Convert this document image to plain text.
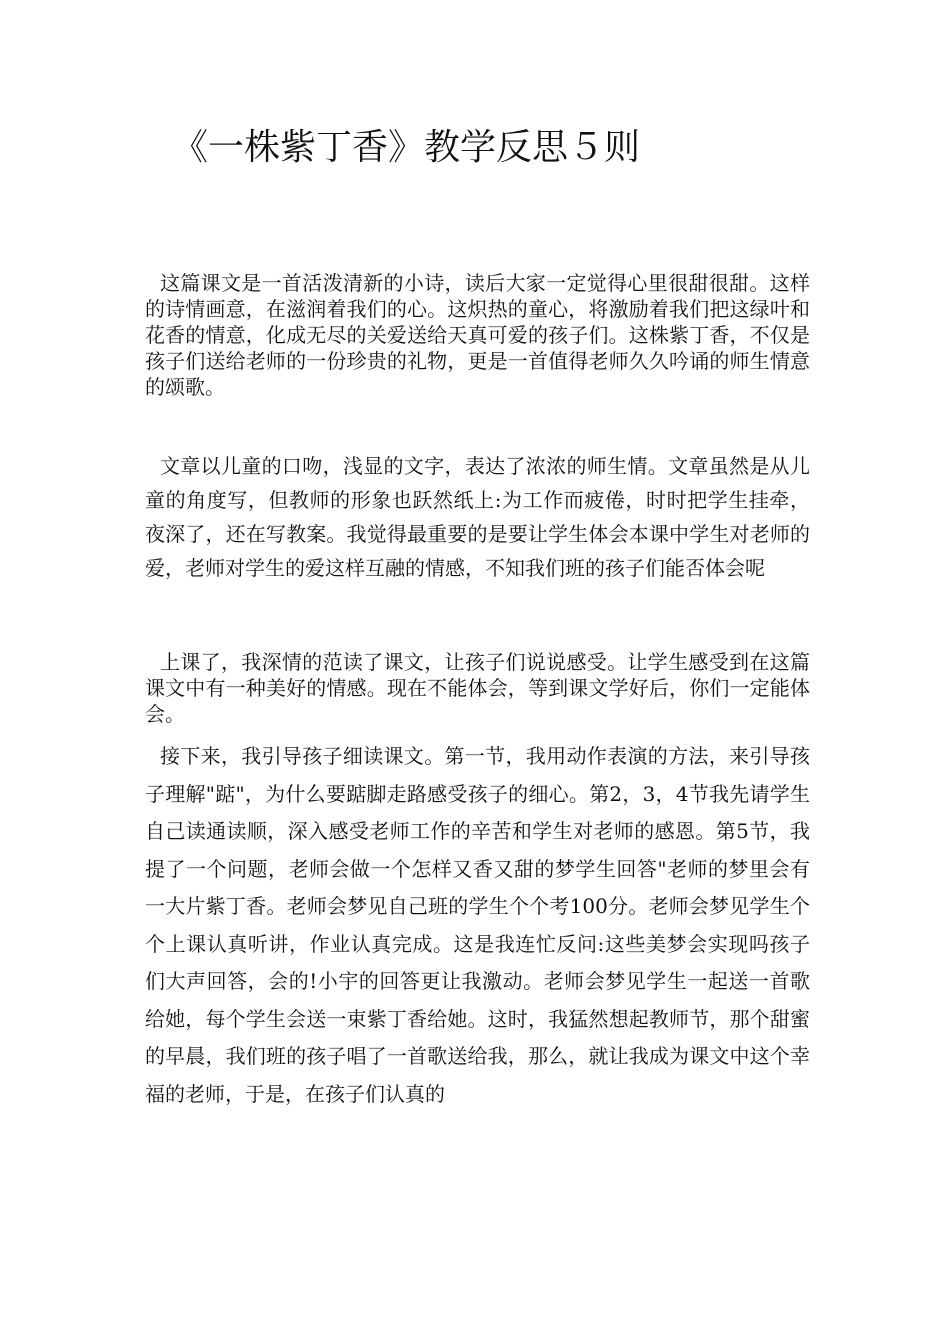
《一株紫丁香》教学反思５则

这篇课文是一首活泼清新的小诗，读后大家一定觉得心里很甜很甜。这样的诗情画意，在滋润着我们的心。这炽热的童心，将激励着我们把这绿叶和花香的情意，化成无尽的关爱送给天真可爱的孩子们。这株紫丁香，不仅是孩子们送给老师的一份珍贵的礼物，更是一首值得老师久久吟诵的师生情意的颂歌。

文章以儿童的口吻，浅显的文字，表达了浓浓的师生情。文章虽然是从儿童的角度写，但教师的形象也跃然纸上:为工作而疲倦，时时把学生挂牵，夜深了，还在写教案。我觉得最重要的是要让学生体会本课中学生对老师的爱，老师对学生的爱这样互融的情感，不知我们班的孩子们能否体会呢

上课了，我深情的范读了课文，让孩子们说说感受。让学生感受到在这篇课文中有一种美好的情感。现在不能体会，等到课文学好后，你们一定能体会。

接下来，我引导孩子细读课文。第一节，我用动作表演的方法，来引导孩子理解"踮"，为什么要踮脚走路感受孩子的细心。第2，3，4节我先请学生自己读通读顺，深入感受老师工作的辛苦和学生对老师的感恩。第5节，我提了一个问题，老师会做一个怎样又香又甜的梦学生回答"老师的梦里会有一大片紫丁香。老师会梦见自己班的学生个个考100分。老师会梦见学生个个上课认真听讲，作业认真完成。这是我连忙反问:这些美梦会实现吗孩子们大声回答，会的!小宇的回答更让我激动。老师会梦见学生一起送一首歌给她，每个学生会送一束紫丁香给她。这时，我猛然想起教师节，那个甜蜜的早晨，我们班的孩子唱了一首歌送给我，那么，就让我成为课文中这个幸福的老师，于是，在孩子们认真的
